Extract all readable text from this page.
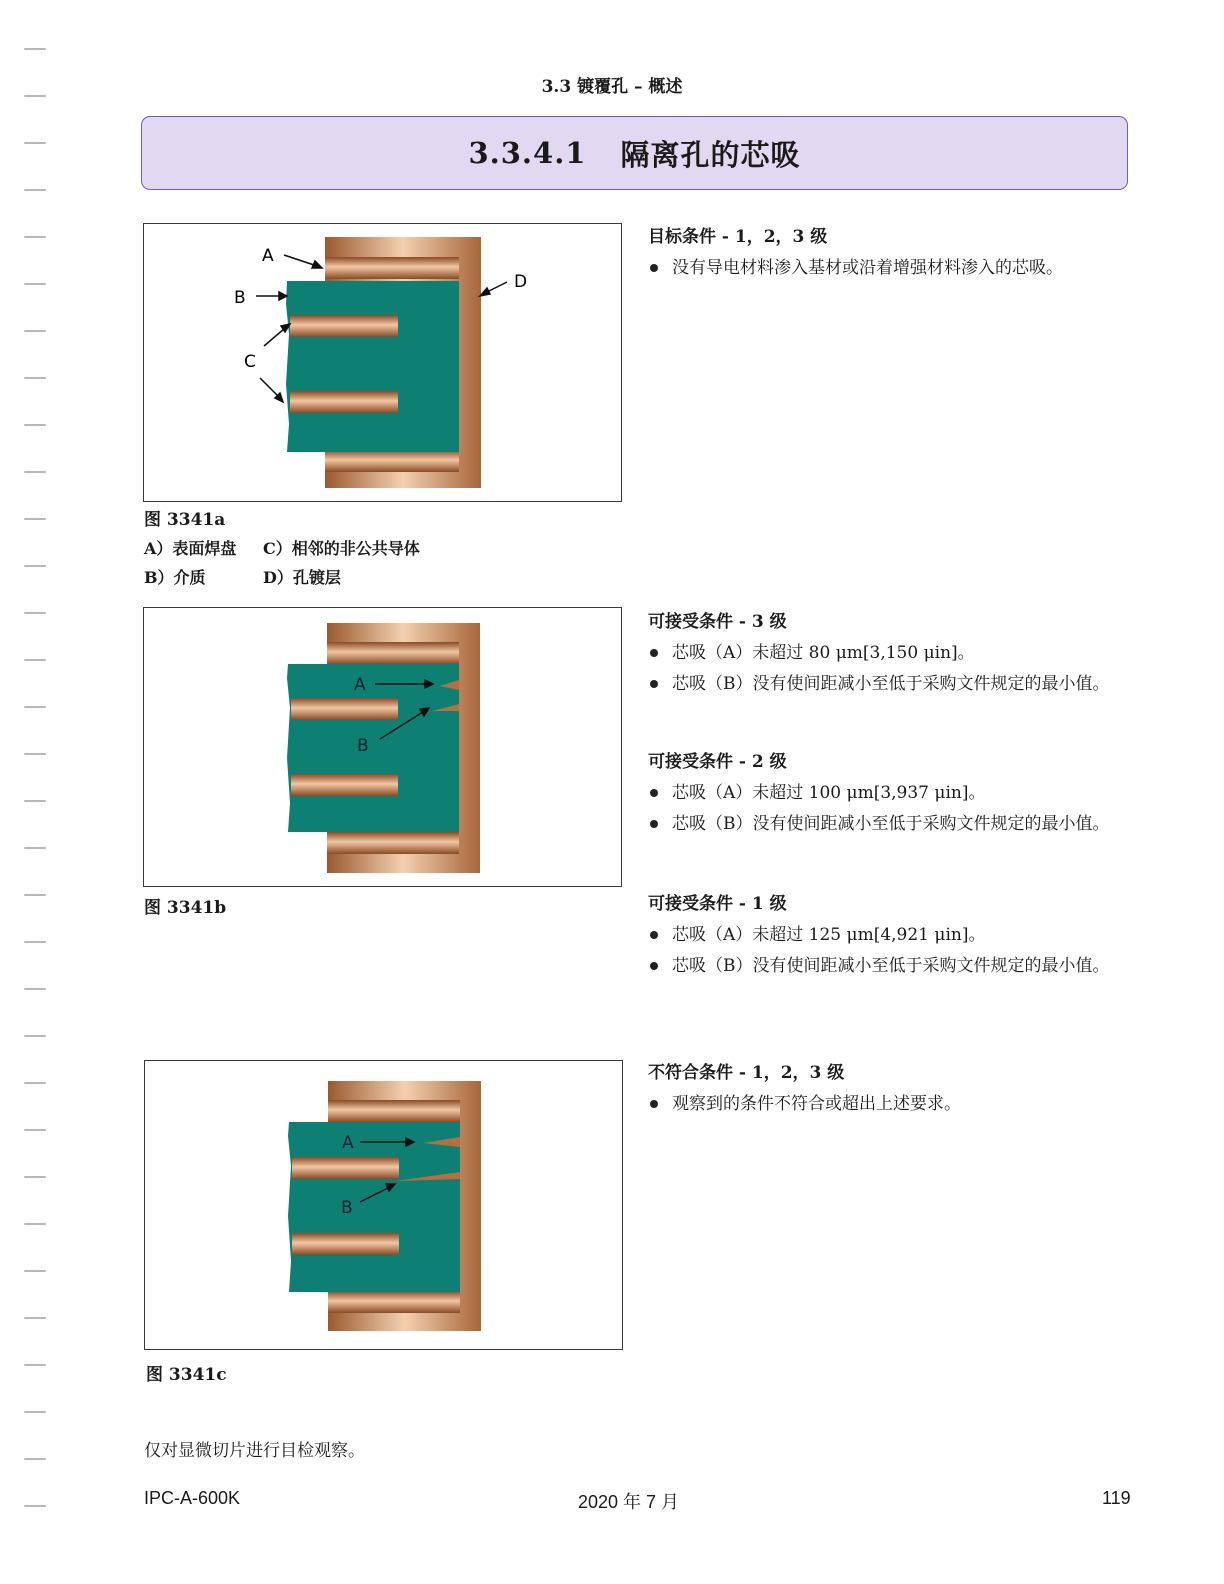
3.3 镀覆孔 – 概述
3.3.4.1 隔离孔的芯吸
A
B
C
D
图 3341a
A）表面焊盘	C）相邻的非公共导体
B）介质	D）孔镀层
A
B
图 3341b
A
B
图 3341c
目标条件 - 1，2，3 级
没有导电材料渗入基材或沿着增强材料渗入的芯吸。
可接受条件 - 3 级
芯吸（A）未超过 80 μm[3,150 μin]。
芯吸（B）没有使间距减小至低于采购文件规定的最小值。
可接受条件 - 2 级
芯吸（A）未超过 100 μm[3,937 μin]。
芯吸（B）没有使间距减小至低于采购文件规定的最小值。
可接受条件 - 1 级
芯吸（A）未超过 125 μm[4,921 μin]。
芯吸（B）没有使间距减小至低于采购文件规定的最小值。
不符合条件 - 1，2，3 级
观察到的条件不符合或超出上述要求。
仅对显微切片进行目检观察。
IPC-A-600K	2020 年 7 月	119
